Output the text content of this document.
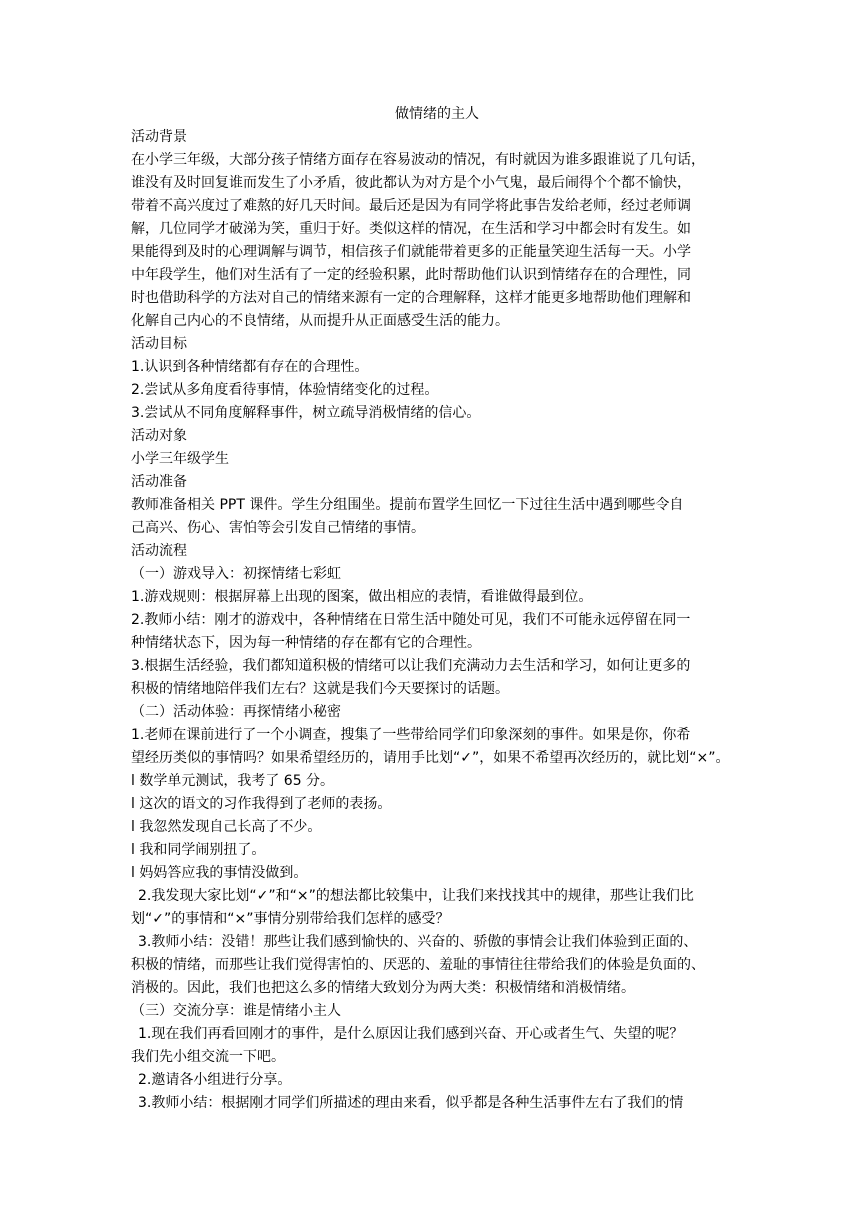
做情绪的主人
活动背景
在小学三年级，大部分孩子情绪方面存在容易波动的情况，有时就因为谁多跟谁说了几句话，
谁没有及时回复谁而发生了小矛盾，彼此都认为对方是个小气鬼，最后闹得个个都不愉快，
带着不高兴度过了难熬的好几天时间。最后还是因为有同学将此事告发给老师，经过老师调
解，几位同学才破涕为笑，重归于好。类似这样的情况，在生活和学习中都会时有发生。如
果能得到及时的心理调解与调节，相信孩子们就能带着更多的正能量笑迎生活每一天。小学
中年段学生，他们对生活有了一定的经验积累，此时帮助他们认识到情绪存在的合理性，同
时也借助科学的方法对自己的情绪来源有一定的合理解释，这样才能更多地帮助他们理解和
化解自己内心的不良情绪，从而提升从正面感受生活的能力。
活动目标
1.认识到各种情绪都有存在的合理性。
2.尝试从多角度看待事情，体验情绪变化的过程。
3.尝试从不同角度解释事件，树立疏导消极情绪的信心。
活动对象
小学三年级学生
活动准备
教师准备相关 PPT 课件。学生分组围坐。提前布置学生回忆一下过往生活中遇到哪些令自
己高兴、伤心、害怕等会引发自己情绪的事情。
活动流程
（一）游戏导入：初探情绪七彩虹
1.游戏规则：根据屏幕上出现的图案，做出相应的表情，看谁做得最到位。
2.教师小结：刚才的游戏中，各种情绪在日常生活中随处可见，我们不可能永远停留在同一
种情绪状态下，因为每一种情绪的存在都有它的合理性。
3.根据生活经验，我们都知道积极的情绪可以让我们充满动力去生活和学习，如何让更多的
积极的情绪地陪伴我们左右？这就是我们今天要探讨的话题。
（二）活动体验：再探情绪小秘密
1.老师在课前进行了一个小调查，搜集了一些带给同学们印象深刻的事件。如果是你，你希
望经历类似的事情吗？如果希望经历的，请用手比划“✓”，如果不希望再次经历的，就比划“×”。
l 数学单元测试，我考了 65 分。
l 这次的语文的习作我得到了老师的表扬。
l 我忽然发现自己长高了不少。
l 我和同学闹别扭了。
l 妈妈答应我的事情没做到。
2.我发现大家比划“✓”和“×”的想法都比较集中，让我们来找找其中的规律，那些让我们比
划“✓”的事情和“×”事情分别带给我们怎样的感受？
3.教师小结：没错！那些让我们感到愉快的、兴奋的、骄傲的事情会让我们体验到正面的、
积极的情绪，而那些让我们觉得害怕的、厌恶的、羞耻的事情往往带给我们的体验是负面的、
消极的。因此，我们也把这么多的情绪大致划分为两大类：积极情绪和消极情绪。
（三）交流分享：谁是情绪小主人
1.现在我们再看回刚才的事件，是什么原因让我们感到兴奋、开心或者生气、失望的呢？
我们先小组交流一下吧。
2.邀请各小组进行分享。
3.教师小结：根据刚才同学们所描述的理由来看，似乎都是各种生活事件左右了我们的情
